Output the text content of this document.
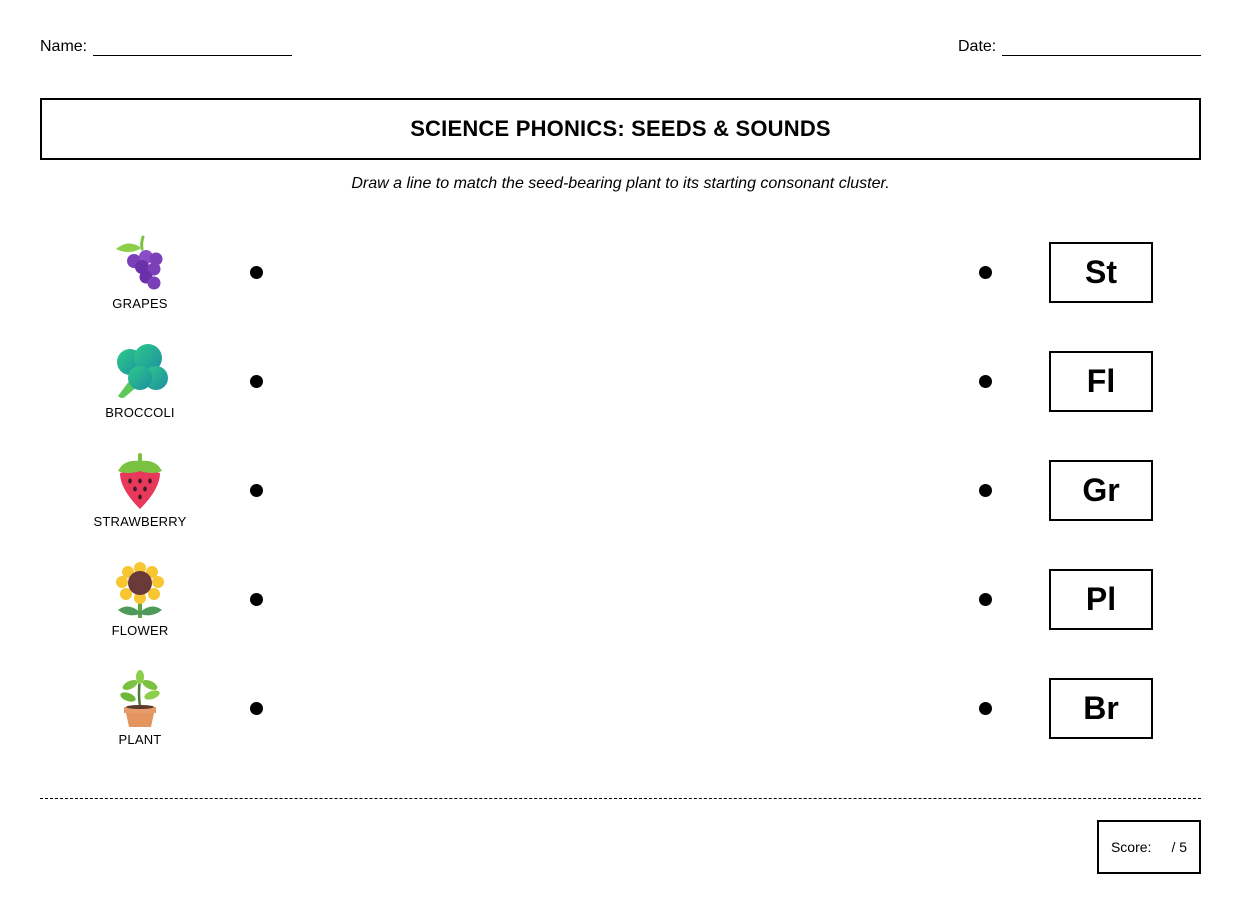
Name:	Date:
SCIENCE PHONICS: SEEDS & SOUNDS
Draw a line to match the seed-bearing plant to its starting consonant cluster.
GRAPES
St
BROCCOLI
Fl
STRAWBERRY
Gr
FLOWER
Pl
PLANT
Br
Score: / 5
